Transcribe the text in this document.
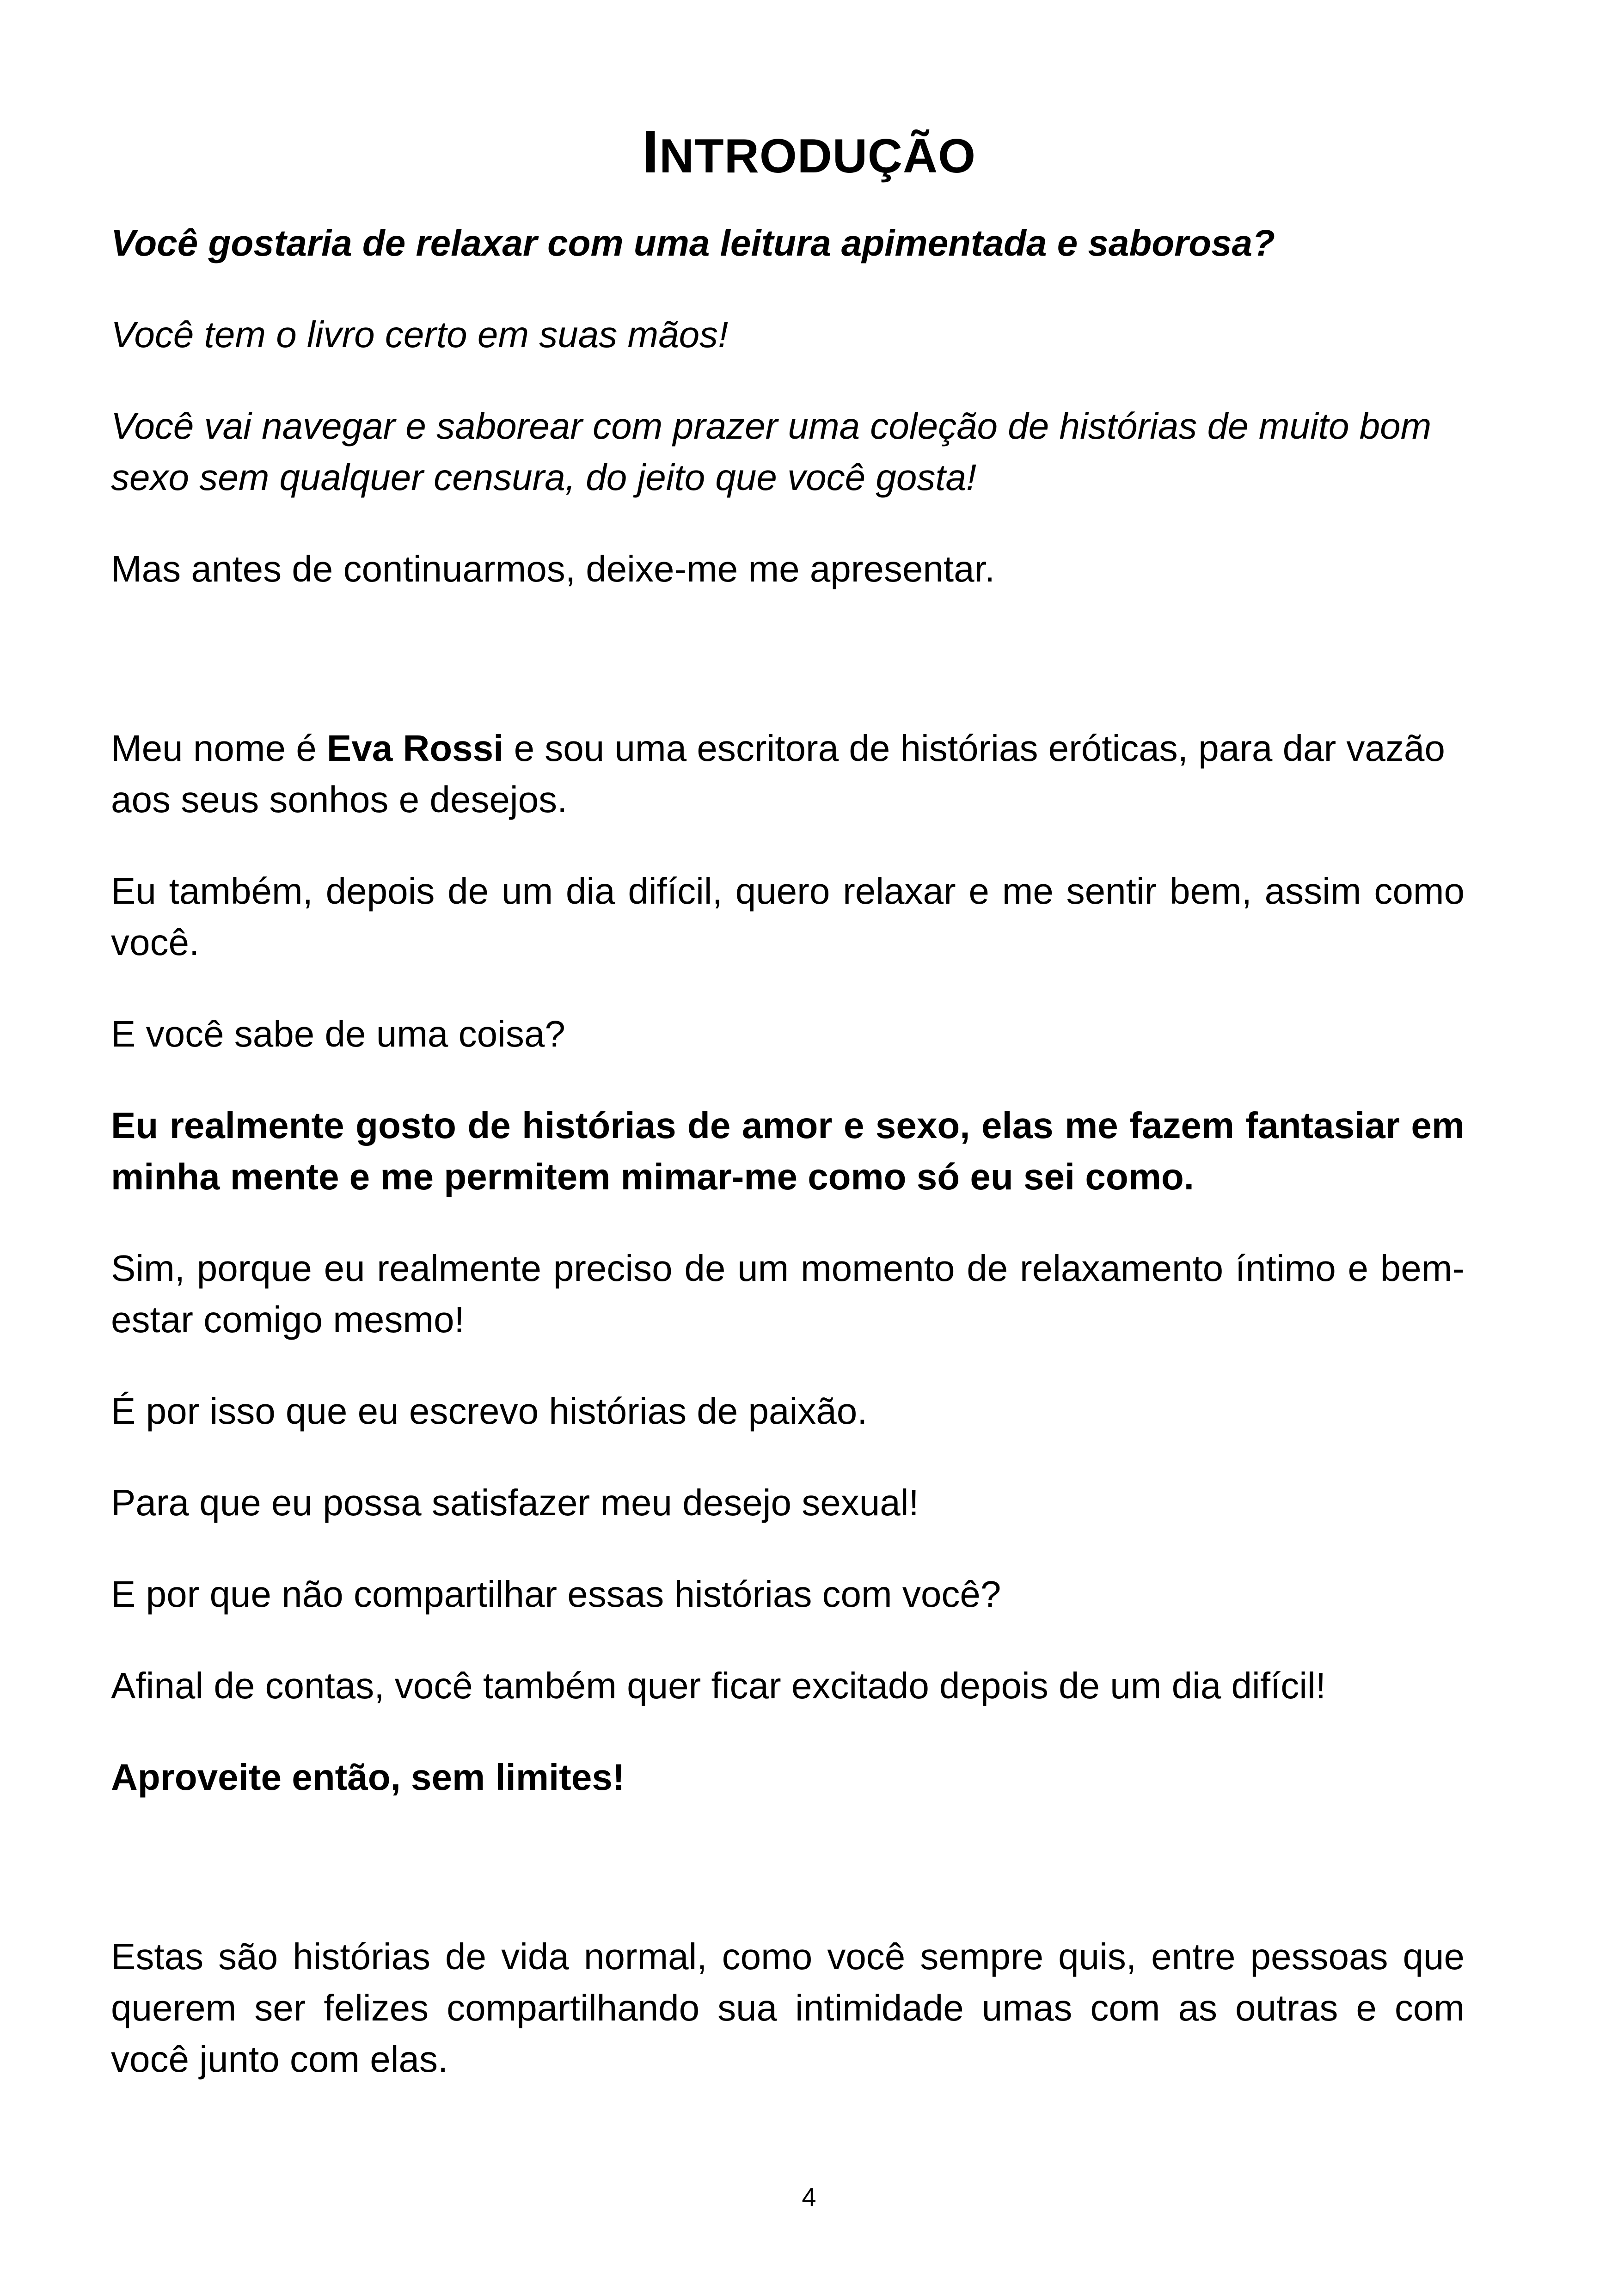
INTRODUÇÃO

Você gostaria de relaxar com uma leitura apimentada e saborosa?

Você tem o livro certo em suas mãos!

Você vai navegar e saborear com prazer uma coleção de histórias de muito bom sexo sem qualquer censura, do jeito que você gosta!

Mas antes de continuarmos, deixe-me me apresentar.

Meu nome é Eva Rossi e sou uma escritora de histórias eróticas, para dar vazão aos seus sonhos e desejos.

Eu também, depois de um dia difícil, quero relaxar e me sentir bem, assim como você.

E você sabe de uma coisa?

Eu realmente gosto de histórias de amor e sexo, elas me fazem fantasiar em minha mente e me permitem mimar-me como só eu sei como.

Sim, porque eu realmente preciso de um momento de relaxamento íntimo e bem-estar comigo mesmo!

É por isso que eu escrevo histórias de paixão.

Para que eu possa satisfazer meu desejo sexual!

E por que não compartilhar essas histórias com você?

Afinal de contas, você também quer ficar excitado depois de um dia difícil!

Aproveite então, sem limites!

Estas são histórias de vida normal, como você sempre quis, entre pessoas que querem ser felizes compartilhando sua intimidade umas com as outras e com você junto com elas.

4
